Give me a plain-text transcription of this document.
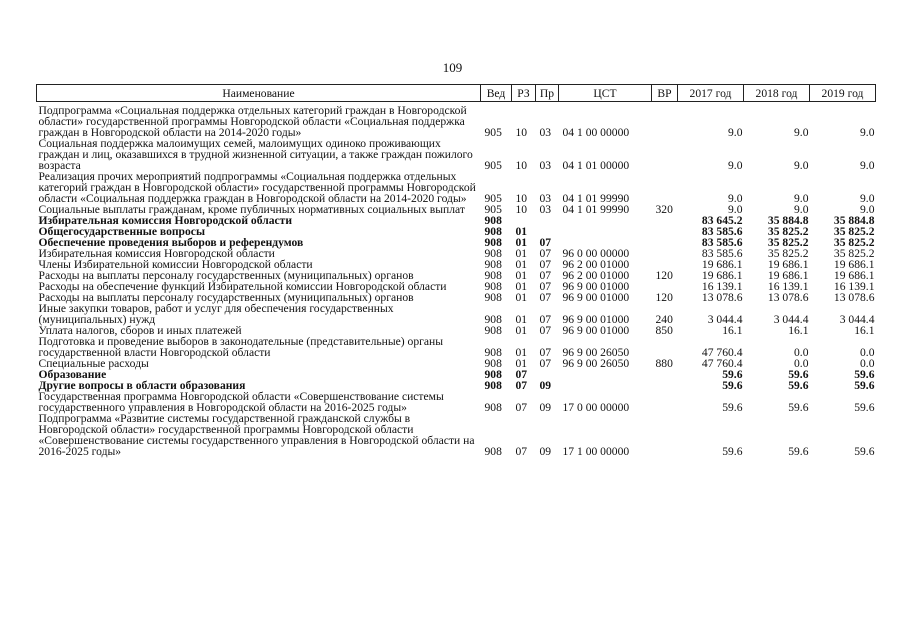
109
Наименование	Вед	РЗ	Пр	ЦСТ	ВР	2017 год	2018 год	2019 год
Подпрограмма «Социальная поддержка отдельных категорий граждан в Новгородской области» государственной программы Новгородской области «Социальная поддержка граждан в Новгородской области на 2014-2020 годы»	905	10	03	04 1 00 00000		9.0	9.0	9.0
Социальная поддержка малоимущих семей, малоимущих одиноко проживающих граждан и лиц, оказавшихся в трудной жизненной ситуации, а также граждан пожилого возраста	905	10	03	04 1 01 00000		9.0	9.0	9.0
Реализация прочих мероприятий подпрограммы «Социальная поддержка отдельных категорий граждан в Новгородской области» государственной программы Новгородской области «Социальная поддержка граждан в Новгородской области на 2014-2020 годы»	905	10	03	04 1 01 99990		9.0	9.0	9.0
Социальные выплаты гражданам, кроме публичных нормативных социальных выплат	905	10	03	04 1 01 99990	320	9.0	9.0	9.0
Избирательная комиссия Новгородской области	908					83 645.2	35 884.8	35 884.8
Общегосударственные вопросы	908	01				83 585.6	35 825.2	35 825.2
Обеспечение проведения выборов и референдумов	908	01	07			83 585.6	35 825.2	35 825.2
Избирательная комиссия Новгородской области	908	01	07	96 0 00 00000		83 585.6	35 825.2	35 825.2
Члены Избирательной комиссии Новгородской области	908	01	07	96 2 00 01000		19 686.1	19 686.1	19 686.1
Расходы на выплаты персоналу государственных (муниципальных) органов	908	01	07	96 2 00 01000	120	19 686.1	19 686.1	19 686.1
Расходы на обеспечение функций Избирательной комиссии Новгородской области	908	01	07	96 9 00 01000		16 139.1	16 139.1	16 139.1
Расходы на выплаты персоналу государственных (муниципальных) органов	908	01	07	96 9 00 01000	120	13 078.6	13 078.6	13 078.6
Иные закупки товаров, работ и услуг для обеспечения государственных (муниципальных) нужд	908	01	07	96 9 00 01000	240	3 044.4	3 044.4	3 044.4
Уплата налогов, сборов и иных платежей	908	01	07	96 9 00 01000	850	16.1	16.1	16.1
Подготовка и проведение выборов в законодательные (представительные) органы государственной власти Новгородской области	908	01	07	96 9 00 26050		47 760.4	0.0	0.0
Специальные расходы	908	01	07	96 9 00 26050	880	47 760.4	0.0	0.0
Образование	908	07				59.6	59.6	59.6
Другие вопросы в области образования	908	07	09			59.6	59.6	59.6
Государственная программа Новгородской области «Совершенствование системы государственного управления в Новгородской области на 2016-2025 годы»	908	07	09	17 0 00 00000		59.6	59.6	59.6
Подпрограмма «Развитие системы государственной гражданской службы в Новгородской области» государственной программы Новгородской области «Совершенствование системы государственного управления в Новгородской области на 2016-2025 годы»	908	07	09	17 1 00 00000		59.6	59.6	59.6
